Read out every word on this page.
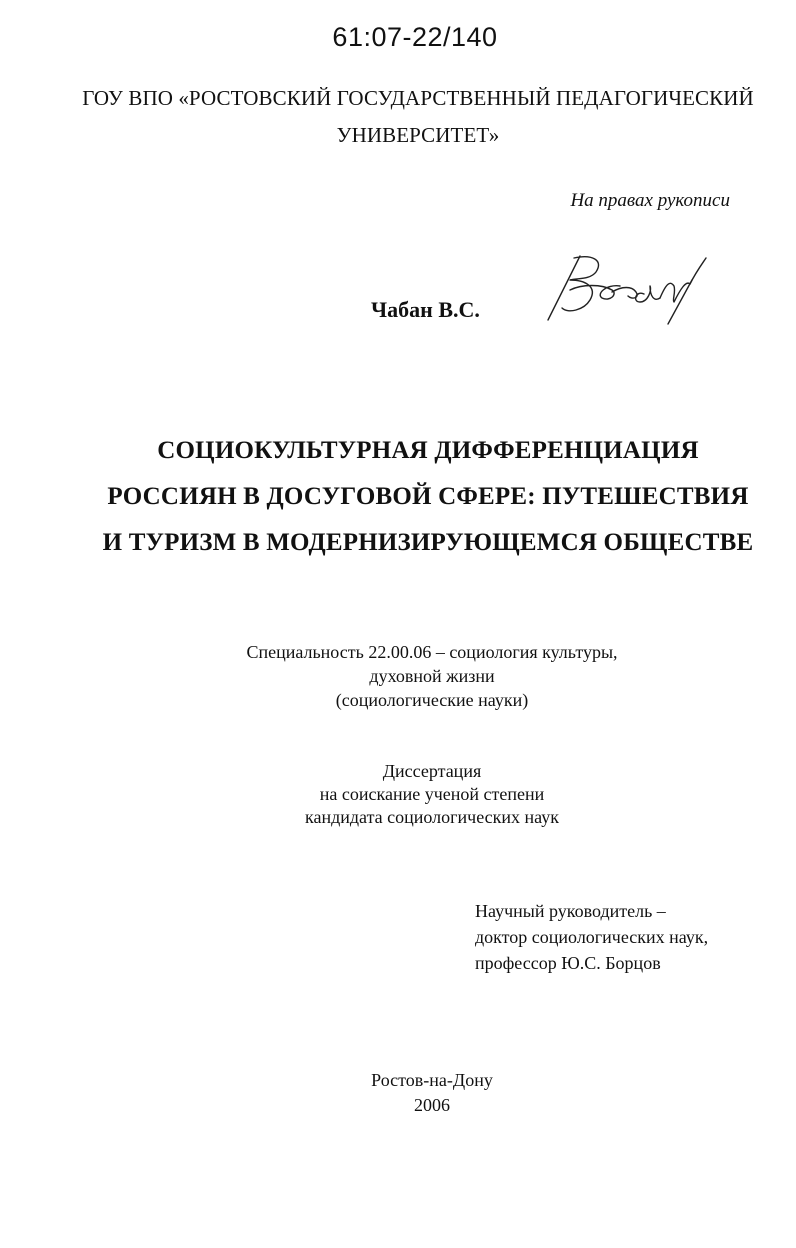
61:07-22/140
ГОУ ВПО «РОСТОВСКИЙ ГОСУДАРСТВЕННЫЙ ПЕДАГОГИЧЕСКИЙ
УНИВЕРСИТЕТ»
На правах рукописи
Чабан В.С.
СОЦИОКУЛЬТУРНАЯ ДИФФЕРЕНЦИАЦИЯ
РОССИЯН В ДОСУГОВОЙ СФЕРЕ: ПУТЕШЕСТВИЯ
И ТУРИЗМ В МОДЕРНИЗИРУЮЩЕМСЯ ОБЩЕСТВЕ
Специальность 22.00.06 – социология культуры,
духовной жизни
(социологические науки)
Диссертация
на соискание ученой степени
кандидата социологических наук
Научный руководитель –
доктор социологических наук,
профессор Ю.С. Борцов
Ростов-на-Дону
2006
